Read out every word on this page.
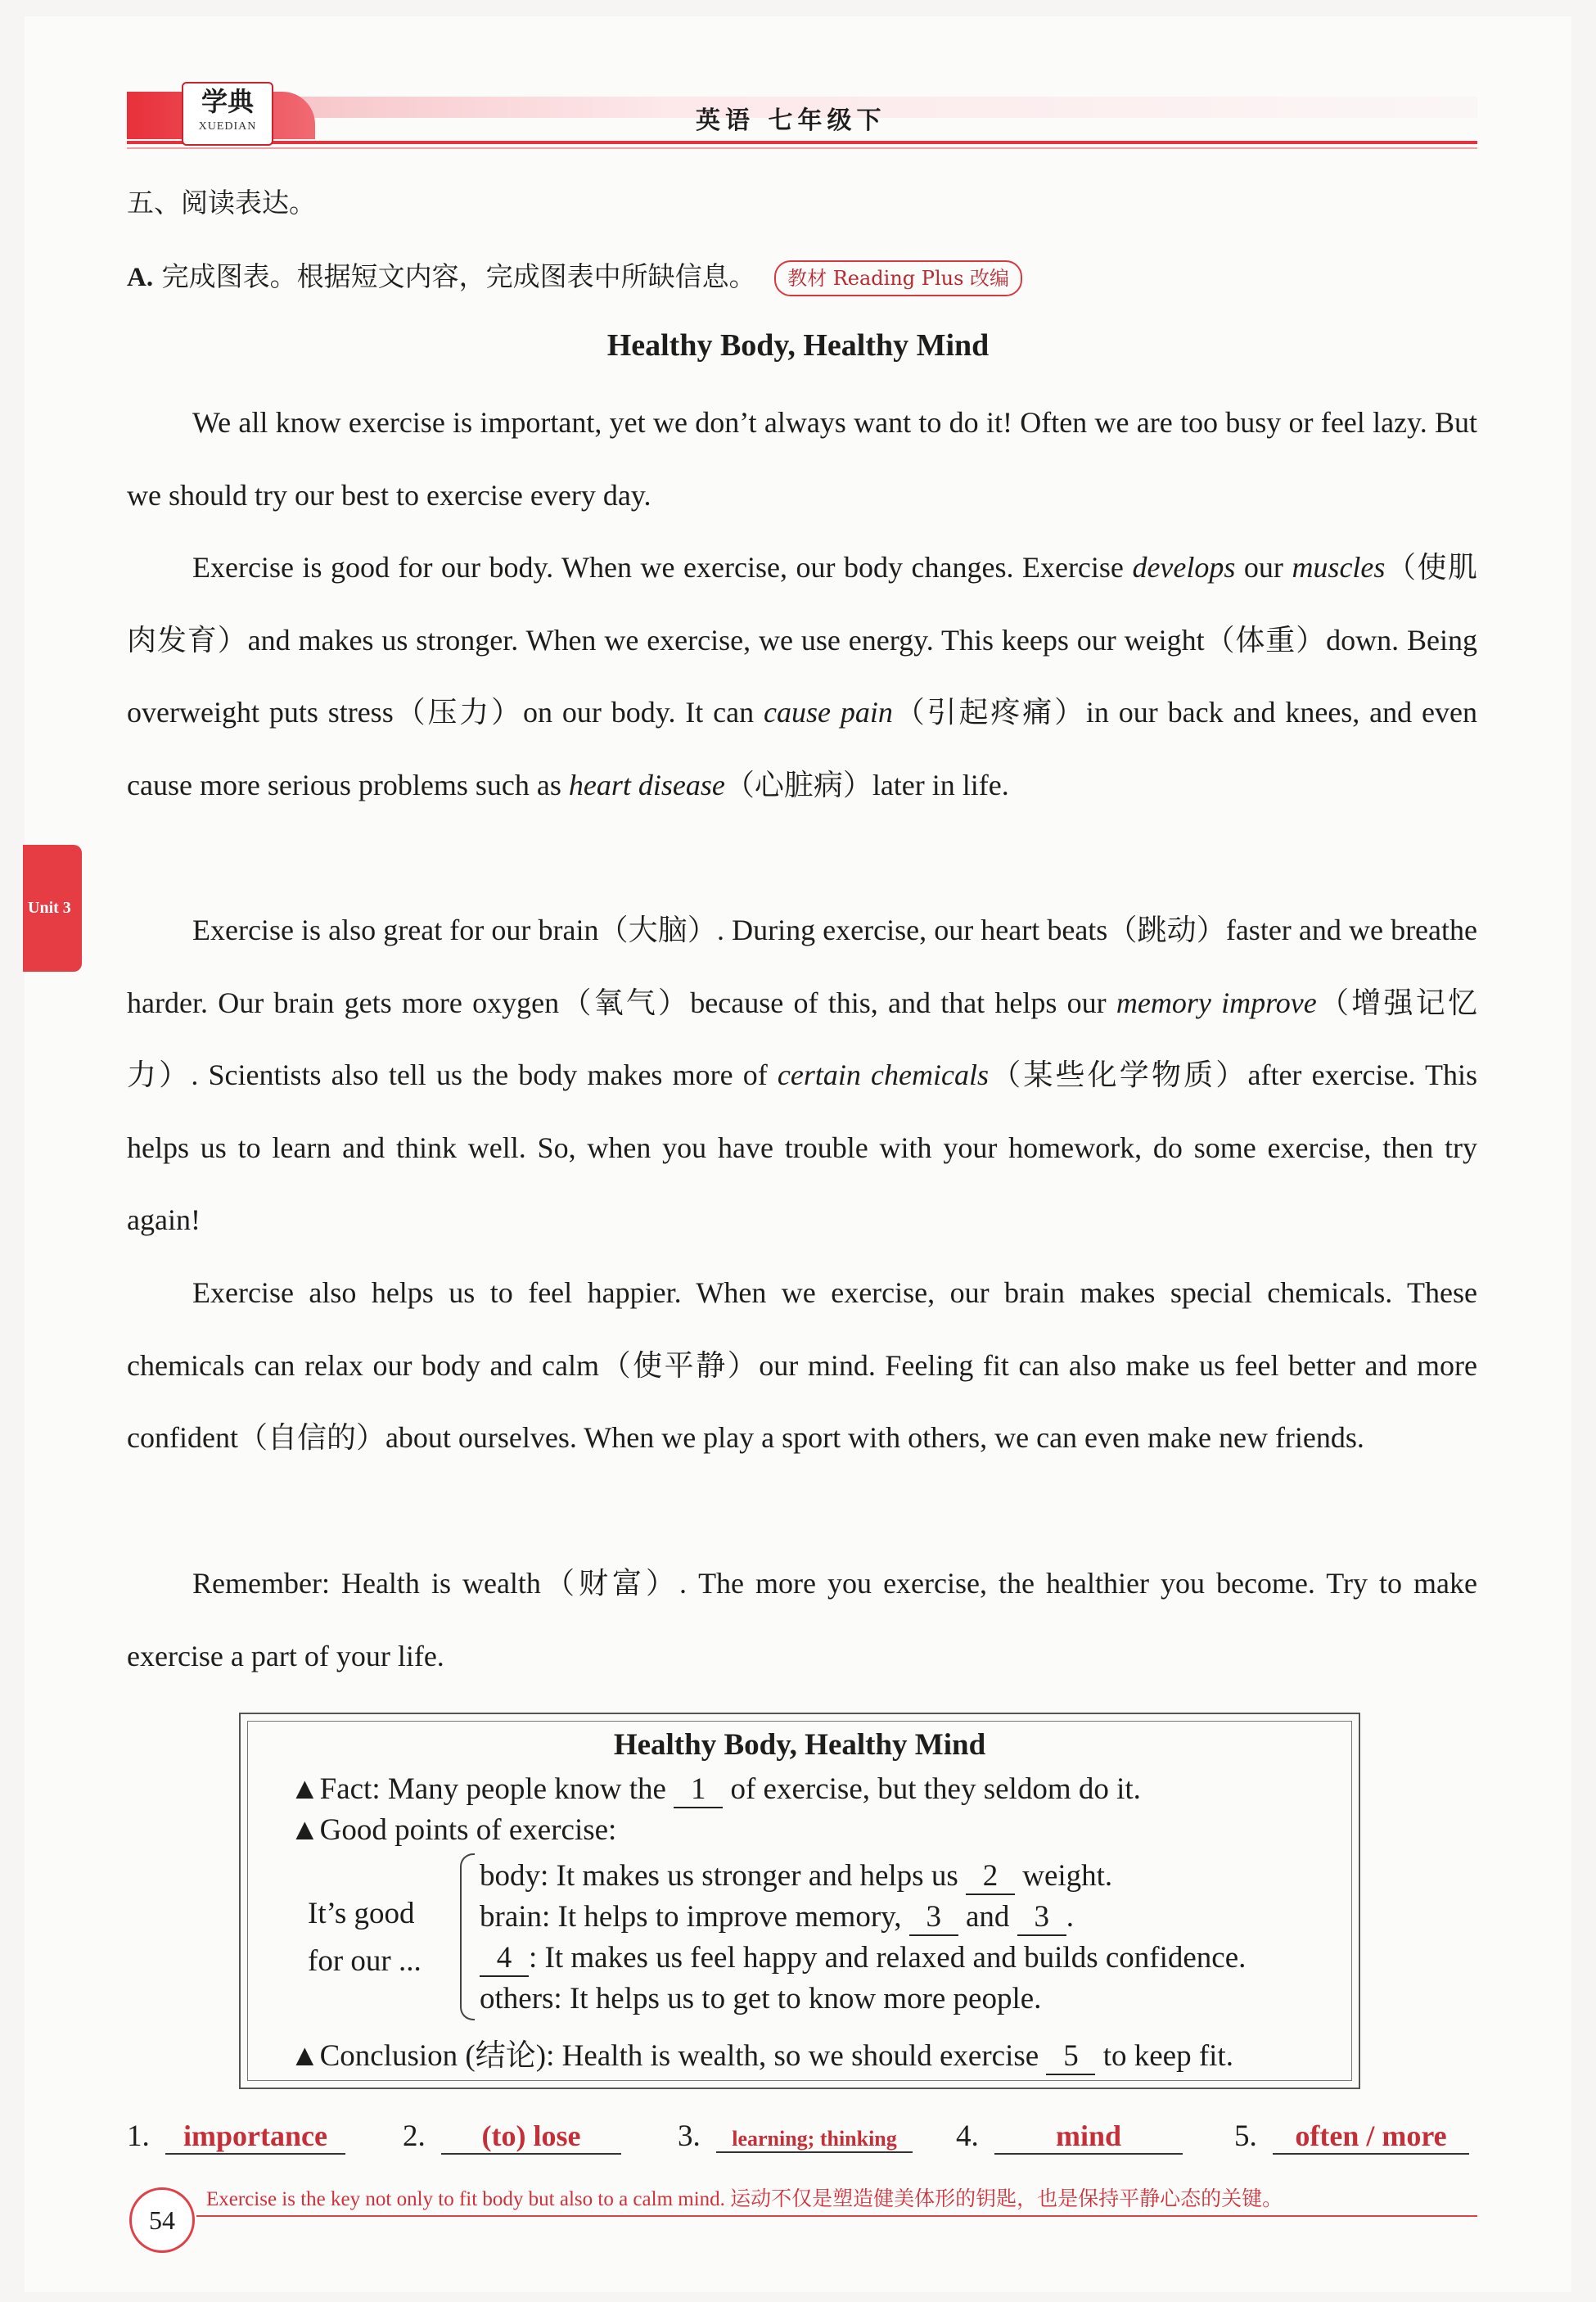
学典
XUEDIAN	英语 七年级下
Unit 3
五、阅读表达。
A. 完成图表。根据短文内容，完成图表中所缺信息。 教材 Reading Plus 改编
Healthy Body, Healthy Mind

We all know exercise is important, yet we don’t always want to do it! Often we are too busy or feel lazy. But we should try our best to exercise every day.

Exercise is good for our body. When we exercise, our body changes. Exercise develops our muscles（使肌肉发育）and makes us stronger. When we exercise, we use energy. This keeps our weight（体重）down. Being overweight puts stress（压力）on our body. It can cause pain（引起疼痛）in our back and knees, and even cause more serious problems such as heart disease（心脏病）later in life.

Exercise is also great for our brain（大脑）. During exercise, our heart beats（跳动）faster and we breathe harder. Our brain gets more oxygen（氧气）because of this, and that helps our memory improve（增强记忆力）. Scientists also tell us the body makes more of certain chemicals（某些化学物质）after exercise. This helps us to learn and think well. So, when you have trouble with your homework, do some exercise, then try again!

Exercise also helps us to feel happier. When we exercise, our brain makes special chemicals. These chemicals can relax our body and calm（使平静）our mind. Feeling fit can also make us feel better and more confident（自信的）about ourselves. When we play a sport with others, we can even make new friends.

Remember: Health is wealth（财富）. The more you exercise, the healthier you become. Try to make exercise a part of your life.

Healthy Body, Healthy Mind
▲Fact: Many people know the 1 of exercise, but they seldom do it.
▲Good points of exercise:
It’s good
for our ...
body: It makes us stronger and helps us 2 weight.
brain: It helps to improve memory, 3 and 3 .
4 : It makes us feel happy and relaxed and builds confidence.
others: It helps us to get to know more people.
▲Conclusion (结论): Health is wealth, so we should exercise 5 to keep fit.
1. importance	2. (to) lose	3. learning; thinking	4.	mind	5. often / more
54
Exercise is the key not only to fit body but also to a calm mind. 运动不仅是塑造健美体形的钥匙，也是保持平静心态的关键。
